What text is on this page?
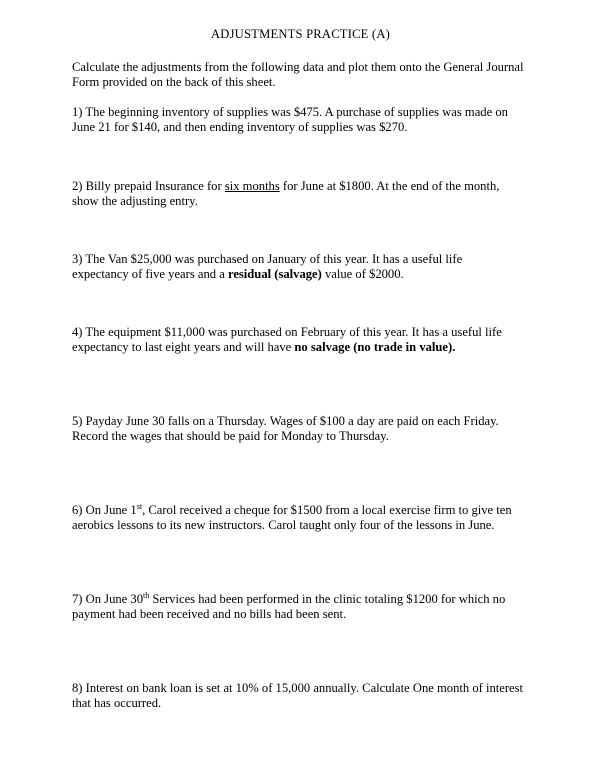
ADJUSTMENTS PRACTICE (A)
Calculate the adjustments from the following data and plot them onto the General Journal
Form provided on the back of this sheet.
1) The beginning inventory of supplies was $475. A purchase of supplies was made on
June 21 for $140, and then ending inventory of supplies was $270.
2) Billy prepaid Insurance for six months for June at $1800. At the end of the month,
show the adjusting entry.
3) The Van $25,000 was purchased on January of this year. It has a useful life
expectancy of five years and a residual (salvage) value of $2000.
4) The equipment $11,000 was purchased on February of this year. It has a useful life
expectancy to last eight years and will have no salvage (no trade in value).
5) Payday June 30 falls on a Thursday. Wages of $100 a day are paid on each Friday.
Record the wages that should be paid for Monday to Thursday.
6) On June 1st, Carol received a cheque for $1500 from a local exercise firm to give ten
aerobics lessons to its new instructors. Carol taught only four of the lessons in June.
7) On June 30th Services had been performed in the clinic totaling $1200 for which no
payment had been received and no bills had been sent.
8) Interest on bank loan is set at 10% of 15,000 annually. Calculate One month of interest
that has occurred.
